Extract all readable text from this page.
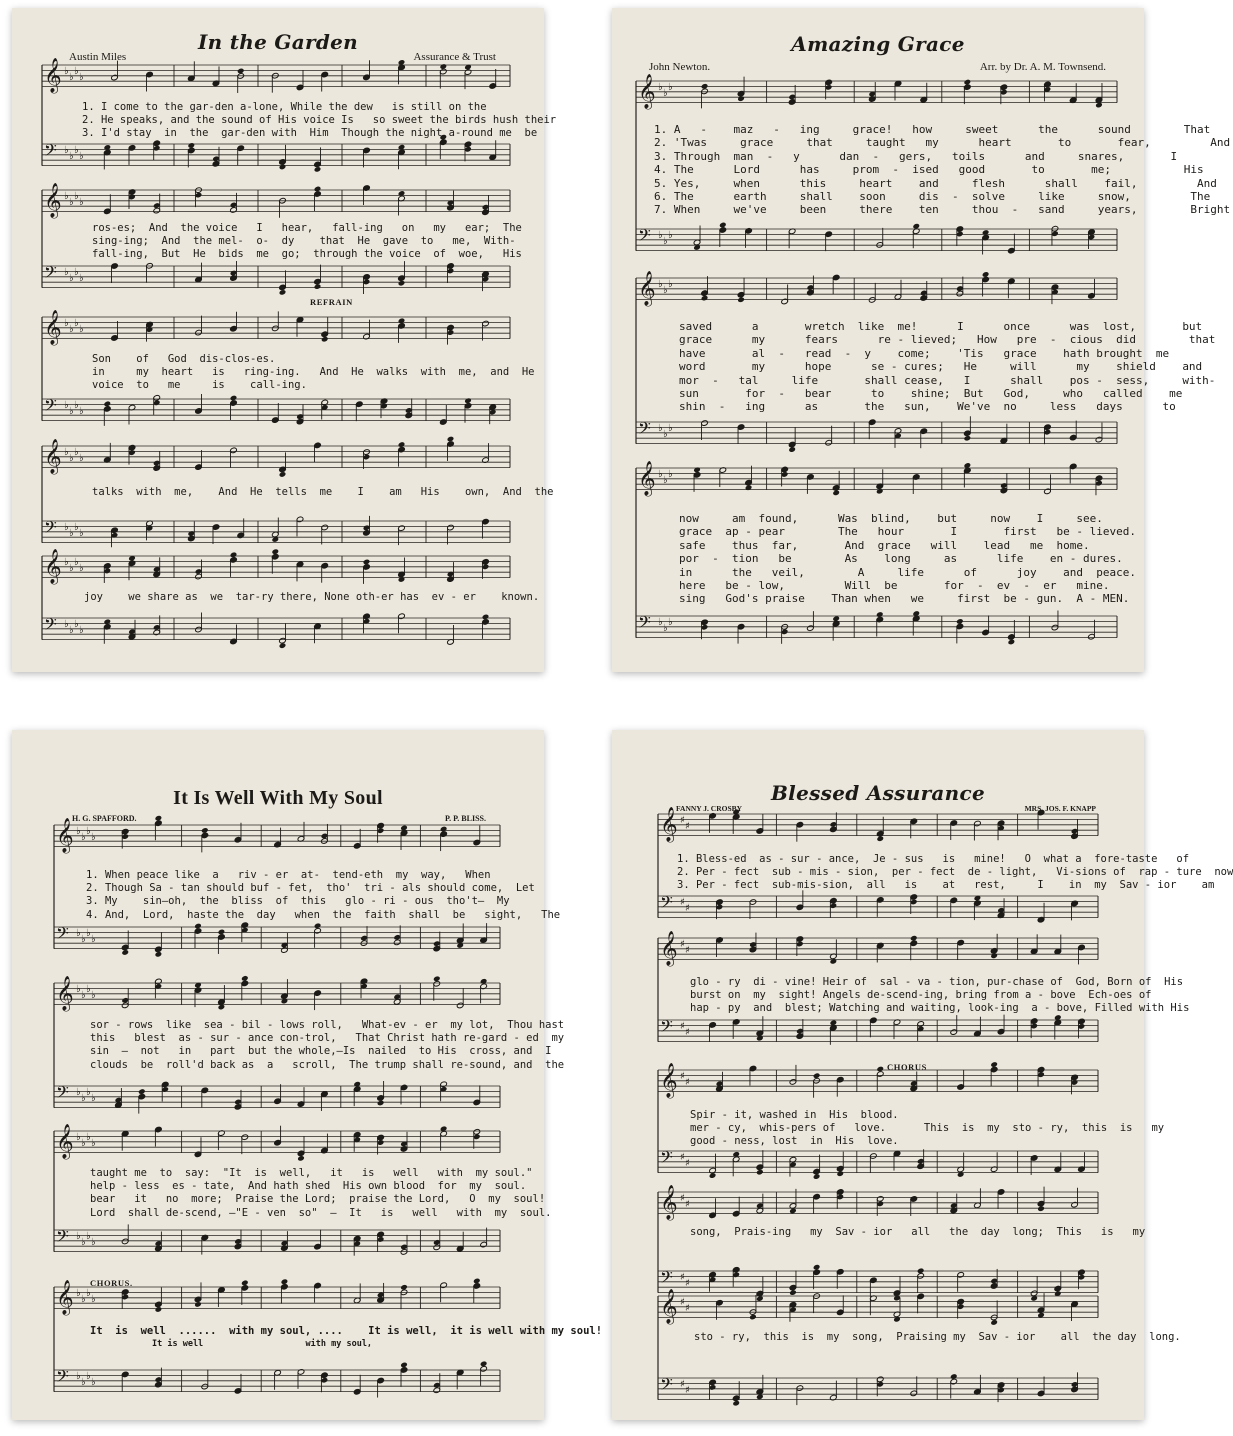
𝄞 ♭
♭
♭
♭
𝄢 ♭
♭
♭
♭
𝄞 ♭
♭
♭
♭
𝄢 ♭
♭
♭
♭
𝄞 ♭
♭
♭
♭
𝄢 ♭
♭
♭
♭
𝄞 ♭
♭
♭
♭
𝄢 ♭
♭
♭
♭
𝄞 ♭
♭
♭
♭
𝄢 ♭
♭
♭
♭
In the Garden
Austin Miles	Assurance & Trust
1. I come to the gar-den a-lone, While the dew   is still on the
2. He speaks, and the sound of His voice Is   so sweet the birds hush their
3. I'd stay  in  the  gar-den with  Him  Though the night a-round me  be
ros-es;  And  the voice   I   hear,   fall-ing   on   my   ear;  The
sing-ing;  And  the mel-  o-  dy    that  He  gave  to   me,  With-
fall-ing,  But  He  bids  me  go;  through the voice  of  woe,   His
REFRAIN
Son    of   God  dis-clos-es.
in     my  heart   is   ring-ing.   And  He  walks  with  me,  and  He
voice  to   me     is    call-ing.
talks  with  me,    And  He  tells  me    I    am   His    own,  And  the
joy    we share as  we  tar-ry there, None oth-er has  ev - er    known.
𝄞 ♭
♭
♭
𝄢 ♭
♭
♭
𝄞 ♭
♭
♭
𝄢 ♭
♭
♭
𝄞 ♭
♭
♭
𝄢 ♭
♭
♭
Amazing Grace
John Newton.	Arr. by Dr. A. M. Townsend.
1. A   -    maz   -   ing     grace!   how     sweet      the      sound        That
2. 'Twas     grace     that     taught   my      heart       to       fear,         And
3. Through  man  -   y      dan  -   gers,   toils      and     snares,       I
4. The      Lord      has     prom  -  ised   good       to       me;           His
5. Yes,     when      this     heart    and     flesh      shall    fail,         And
6. The      earth     shall    soon     dis  -  solve     like     snow,         The
7. When     we've     been     there    ten     thou  -   sand     years,        Bright
saved      a       wretch  like  me!      I      once      was  lost,       but
grace      my      fears      re - lieved;   How   pre  -  cious  did        that
have       al  -   read  -  y    come;    'Tis   grace    hath brought  me
word       my      hope      se - cures;   He     will      my    shield    and
mor  -   tal     life       shall cease,   I      shall    pos -  sess,     with-
sun       for  -   bear      to    shine;  But   God,     who   called    me
shin  -   ing      as       the   sun,    We've  no     less   days      to
now     am  found,      Was  blind,    but     now    I     see.
grace  ap - pear        The   hour       I       first   be - lieved.
safe    thus  far,       And  grace   will    lead   me  home.
por  -  tion   be        As    long     as      life    en - dures.
in      the   veil,        A     life      of      joy    and  peace.
here   be - low,         Will  be       for  -  ev  -  er   mine.
sing   God's praise    Than when   we     first  be - gun.  A - MEN.
𝄞 ♭
♭
♭
♭
𝄢 ♭
♭
♭
♭
𝄞 ♭
♭
♭
♭
𝄢 ♭
♭
♭
♭
𝄞 ♭
♭
♭
♭
𝄢 ♭
♭
♭
♭
𝄞 ♭
♭
♭
♭
𝄢 ♭
♭
♭
♭
It Is Well With My Soul
H. G. SPAFFORD.	P. P. BLISS.
1. When peace like  a   riv - er  at-  tend-eth  my  way,   When
2. Though Sa - tan should buf - fet,  tho'  tri - als should come,  Let
3. My    sin—oh,  the  bliss  of  this   glo - ri - ous  tho't—  My
4. And,  Lord,  haste the  day   when  the  faith  shall  be   sight,   The
sor - rows  like  sea - bil - lows roll,   What-ev - er  my lot,  Thou hast
this   blest  as - sur - ance con-trol,   That Christ hath re-gard - ed  my
sin  —  not   in   part  but the whole,—Is  nailed  to His  cross, and  I
clouds  be  roll'd back as  a   scroll,  The trump shall re-sound, and  the
taught me  to  say:  "It  is  well,   it   is   well   with  my soul."
help - less  es - tate,  And hath shed  His own blood  for  my  soul.
bear   it   no  more;  Praise the Lord;  praise the Lord,   O  my  soul!
Lord  shall de-scend, —"E - ven  so"  —  It   is   well   with  my  soul.
CHORUS.
It  is  well  ......  with my soul, ....    It is well,  it is well with my soul!
It is well                    with my soul,
𝄞 ♯
♯
𝄢 ♯
♯
𝄞 ♯
♯
𝄢 ♯
♯
𝄞 ♯
♯
𝄢 ♯
♯
𝄞 ♯
♯
𝄢 ♯
♯
𝄞 ♯
♯
𝄢 ♯
♯
Blessed Assurance
FANNY J. CROSBY	MRS. JOS. F. KNAPP
1. Bless-ed  as - sur - ance,  Je - sus   is   mine!   O  what a  fore-taste   of
2. Per - fect  sub - mis - sion,  per - fect  de - light,   Vi-sions of  rap - ture  now
3. Per - fect  sub-mis-sion,  all   is    at   rest,     I    in  my  Sav - ior    am
glo - ry  di - vine! Heir of  sal - va - tion, pur-chase of  God, Born of  His
burst on  my  sight! Angels de-scend-ing, bring from a - bove  Ech-oes of
hap - py  and  blest; Watching and waiting, look-ing  a - bove, Filled with His
CHORUS
Spir - it, washed in  His  blood.
mer - cy,  whis-pers of   love.      This  is  my  sto - ry,  this  is   my
good - ness, lost  in  His  love.
song,  Prais-ing   my  Sav - ior   all   the  day  long;  This   is   my
sto - ry,  this  is  my  song,  Praising my  Sav - ior    all  the day  long.
